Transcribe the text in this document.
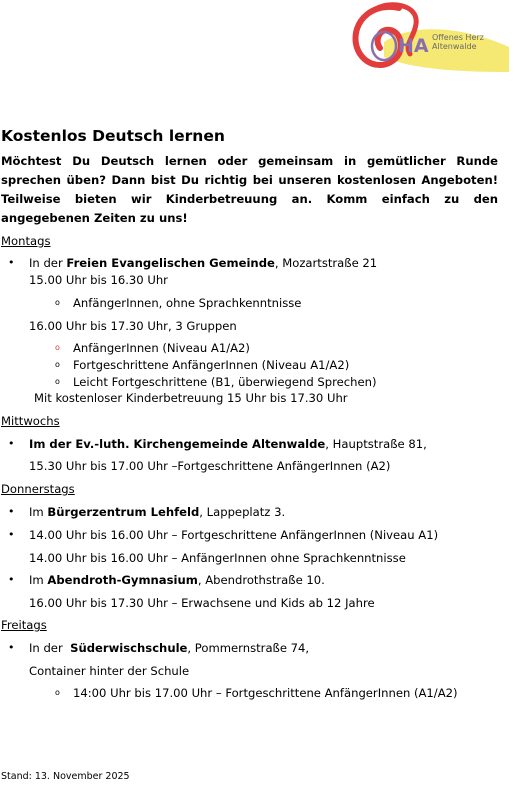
HA Offenes Herz
Altenwalde
Kostenlos Deutsch lernen

Möchtest Du Deutsch lernen oder gemeinsam in gemütlicher Runde sprechen üben? Dann bist Du richtig bei unseren kostenlosen Angeboten! Teilweise bieten wir Kinderbetreuung an. Komm einfach zu den angegebenen Zeiten zu uns!

Montags
• In der Freien Evangelischen Gemeinde, Mozartstraße 21
15.00 Uhr bis 16.30 Uhr
o AnfängerInnen, ohne Sprachkenntnisse
16.00 Uhr bis 17.30 Uhr, 3 Gruppen
o AnfängerInnen (Niveau A1/A2)
o Fortgeschrittene AnfängerInnen (Niveau A1/A2)
o Leicht Fortgeschrittene (B1, überwiegend Sprechen)
Mit kostenloser Kinderbetreuung 15 Uhr bis 17.30 Uhr
Mittwochs
• Im der Ev.-luth. Kirchengemeinde Altenwalde, Hauptstraße 81,
15.30 Uhr bis 17.00 Uhr –Fortgeschrittene AnfängerInnen (A2)
Donnerstags
• Im Bürgerzentrum Lehfeld, Lappeplatz 3.
• 14.00 Uhr bis 16.00 Uhr – Fortgeschrittene AnfängerInnen (Niveau A1)
14.00 Uhr bis 16.00 Uhr – AnfängerInnen ohne Sprachkenntnisse
• Im Abendroth-Gymnasium, Abendrothstraße 10.
16.00 Uhr bis 17.30 Uhr – Erwachsene und Kids ab 12 Jahre
Freitags
• In der  Süderwischschule, Pommernstraße 74,
Container hinter der Schule
o 14:00 Uhr bis 17.00 Uhr – Fortgeschrittene AnfängerInnen (A1/A2)
Stand: 13. November 2025
